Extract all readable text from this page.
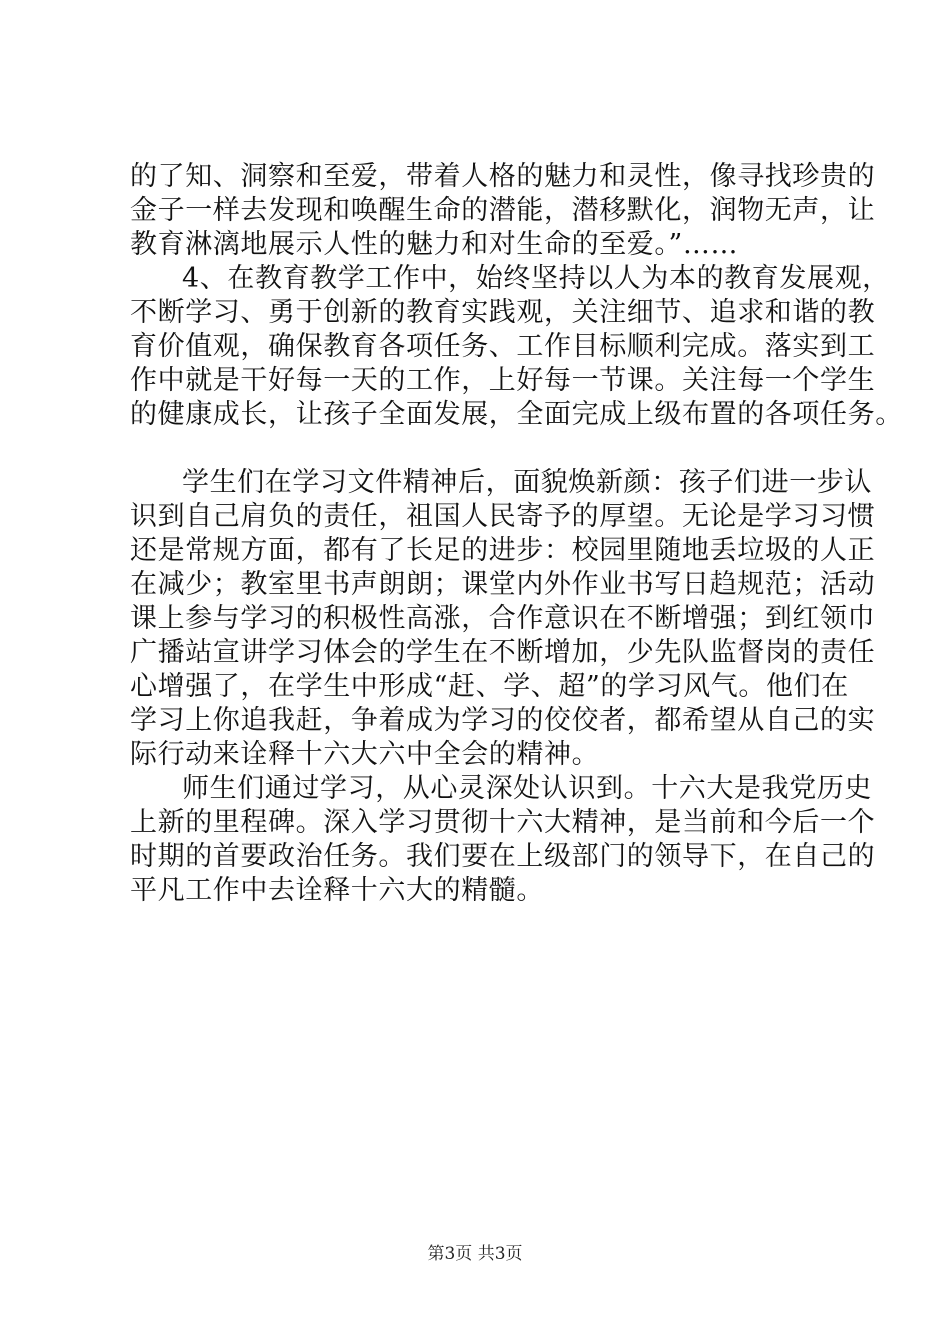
的了知、洞察和至爱，带着人格的魅力和灵性，像寻找珍贵的
金子一样去发现和唤醒生命的潜能，潜移默化，润物无声，让
教育淋漓地展示人性的魅力和对生命的至爱。”……
4、在教育教学工作中，始终坚持以人为本的教育发展观，
不断学习、勇于创新的教育实践观，关注细节、追求和谐的教
育价值观，确保教育各项任务、工作目标顺利完成。落实到工
作中就是干好每一天的工作，上好每一节课。关注每一个学生
的健康成长，让孩子全面发展，全面完成上级布置的各项任务。
学生们在学习文件精神后，面貌焕新颜：孩子们进一步认
识到自己肩负的责任，祖国人民寄予的厚望。无论是学习习惯
还是常规方面，都有了长足的进步：校园里随地丢垃圾的人正
在减少；教室里书声朗朗；课堂内外作业书写日趋规范；活动
课上参与学习的积极性高涨，合作意识在不断增强；到红领巾
广播站宣讲学习体会的学生在不断增加，少先队监督岗的责任
心增强了，在学生中形成“赶、学、超”的学习风气。他们在
学习上你追我赶，争着成为学习的佼佼者，都希望从自己的实
际行动来诠释十六大六中全会的精神。
师生们通过学习，从心灵深处认识到。十六大是我党历史
上新的里程碑。深入学习贯彻十六大精神，是当前和今后一个
时期的首要政治任务。我们要在上级部门的领导下，在自己的
平凡工作中去诠释十六大的精髓。
第3页 共3页
